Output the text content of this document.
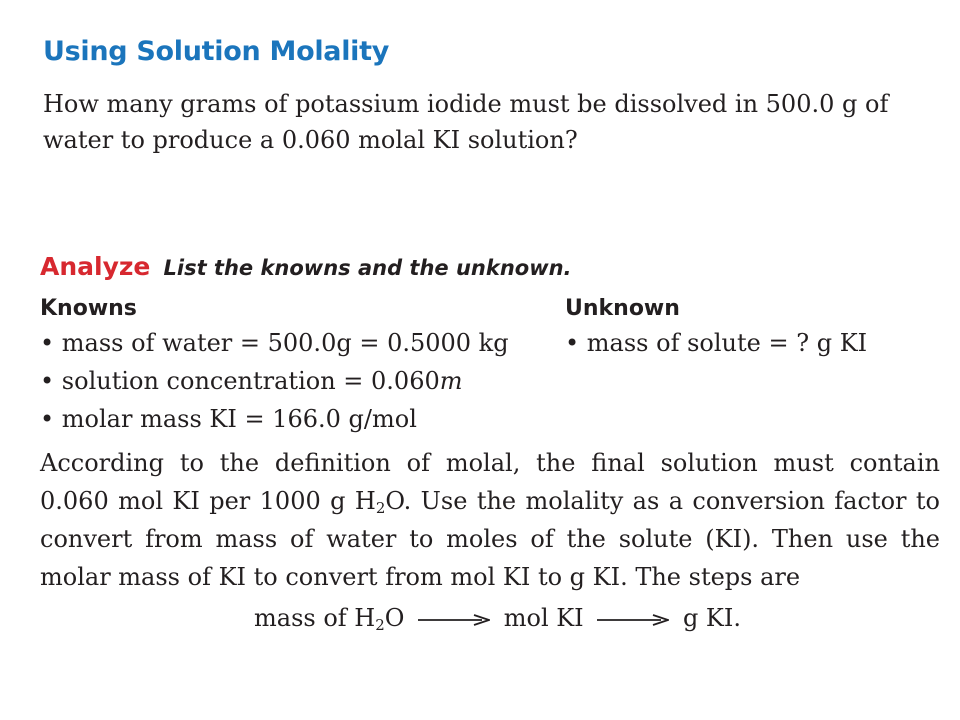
Using Solution Molality
How many grams of potassium iodide must be dissolved in 500.0 g of
water to produce a 0.060 molal KI solution?
Analyze List the knowns and the unknown.
Knowns
• mass of water = 500.0g = 0.5000 kg
• solution concentration = 0.060m
• molar mass KI = 166.0 g/mol
Unknown
• mass of solute = ? g KI
According to the definition of molal, the final solution must contain
0.060 mol KI per 1000 g $H_2O$. Use the molality as a conversion factor to
convert from mass of water to moles of the solute (KI). Then use the
molar mass of KI to convert from mol KI to g KI. The steps are
mass of $H_2O$	mol KI	g KI.
